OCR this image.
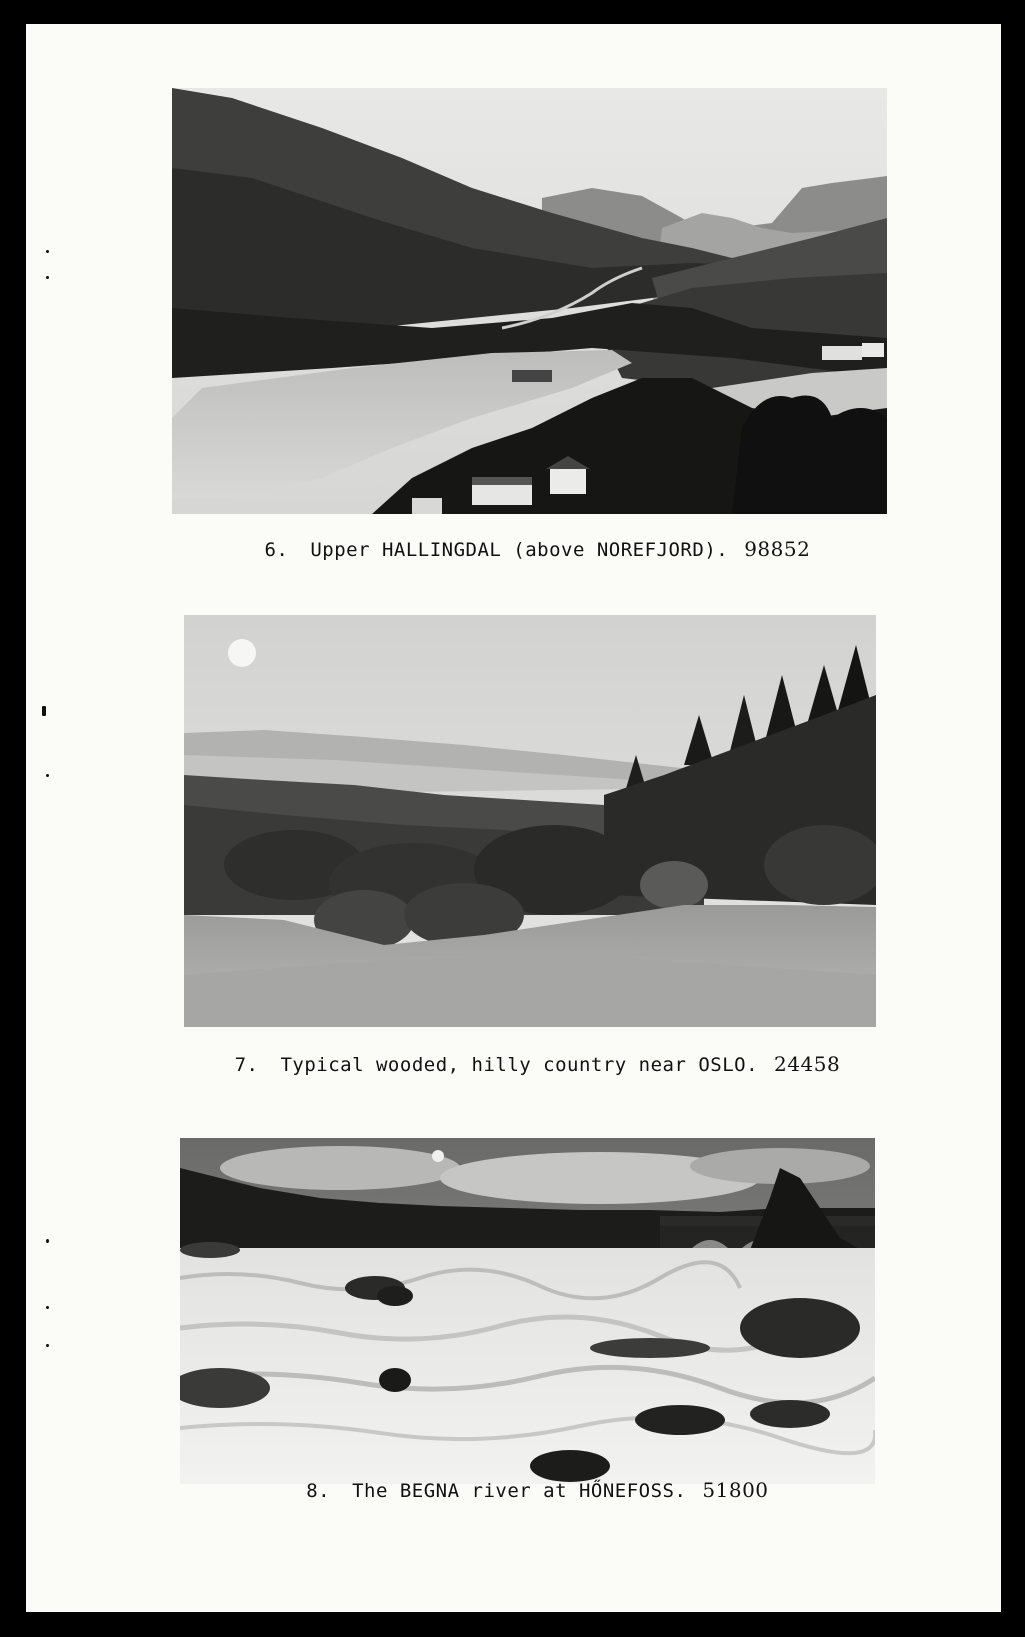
6. Upper HALLINGDAL (above NOREFJORD). 98852

7. Typical wooded, hilly country near OSLO. 24458

8. The BEGNA river at HŐNEFOSS. 51800
